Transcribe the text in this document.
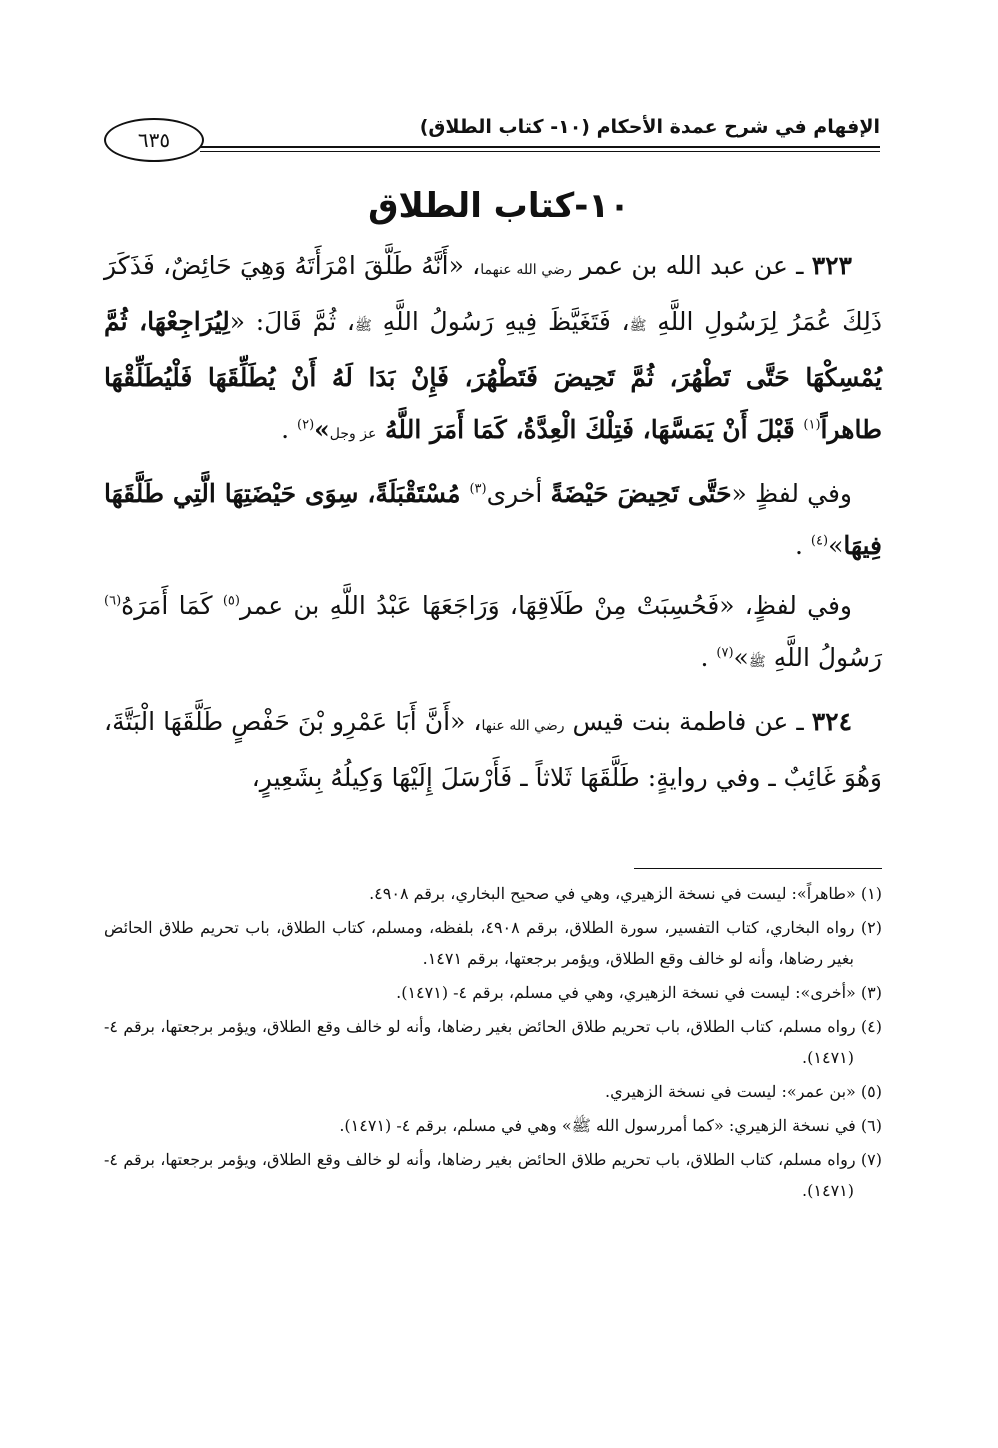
٦٣٥
الإفهام في شرح عمدة الأحكام (١٠- كتاب الطلاق)
١٠-كتاب الطلاق

٣٢٣ ـ عن عبد الله بن عمر رضي الله عنهما، «أَنَّهُ طَلَّقَ امْرَأَتَهُ وَهِيَ حَائِضٌ، فَذَكَرَ ذَلِكَ عُمَرُ لِرَسُولِ اللَّهِ ﷺ، فَتَغَيَّظَ فِيهِ رَسُولُ اللَّهِ ﷺ، ثُمَّ قَالَ: «لِيُرَاجِعْهَا، ثُمَّ يُمْسِكْهَا حَتَّى تَطْهُرَ، ثُمَّ تَحِيضَ فَتَطْهُرَ، فَإِنْ بَدَا لَهُ أَنْ يُطَلِّقَهَا فَلْيُطَلِّقْهَا طاهراً$^{(١)}$ قَبْلَ أَنْ يَمَسَّهَا، فَتِلْكَ الْعِدَّةُ، كَمَا أَمَرَ اللَّهُ عز وجل»$^{(٢)}$ .

وفي لفظٍ «حَتَّى تَحِيضَ حَيْضَةً أخرى$^{(٣)}$ مُسْتَقْبَلَةً، سِوَى حَيْضَتِهَا الَّتِي طَلَّقَهَا فِيهَا»$^{(٤)}$ .

وفي لفظٍ، «فَحُسِبَتْ مِنْ طَلَاقِهَا، وَرَاجَعَهَا عَبْدُ اللَّهِ بن عمر$^{(٥)}$ كَمَا أَمَرَهُ$^{(٦)}$ رَسُولُ اللَّهِ ﷺ»$^{(٧)}$ .

٣٢٤ ـ عن فاطمة بنت قيس رضي الله عنها، «أَنَّ أَبَا عَمْرِو بْنَ حَفْصٍ طَلَّقَهَا الْبَتَّةَ، وَهُوَ غَائِبٌ ـ وفي روايةٍ: طَلَّقَهَا ثَلاثاً ـ فَأَرْسَلَ إِلَيْهَا وَكِيلُهُ بِشَعِيرٍ،

(١) «طاهراً»: ليست في نسخة الزهيري، وهي في صحيح البخاري، برقم ٤٩٠٨.

(٢) رواه البخاري، كتاب التفسير، سورة الطلاق، برقم ٤٩٠٨، بلفظه، ومسلم، كتاب الطلاق، باب تحريم طلاق الحائض بغير رضاها، وأنه لو خالف وقع الطلاق، ويؤمر برجعتها، برقم ١٤٧١.

(٣) «أخرى»: ليست في نسخة الزهيري، وهي في مسلم، برقم ٤- (١٤٧١).

(٤) رواه مسلم، كتاب الطلاق، باب تحريم طلاق الحائض بغير رضاها، وأنه لو خالف وقع الطلاق، ويؤمر برجعتها، برقم ٤-(١٤٧١).

(٥) «بن عمر»: ليست في نسخة الزهيري.

(٦) في نسخة الزهيري: «كما أمررسول الله ﷺ» وهي في مسلم، برقم ٤- (١٤٧١).

(٧) رواه مسلم، كتاب الطلاق، باب تحريم طلاق الحائض بغير رضاها، وأنه لو خالف وقع الطلاق، ويؤمر برجعتها، برقم ٤-(١٤٧١).
